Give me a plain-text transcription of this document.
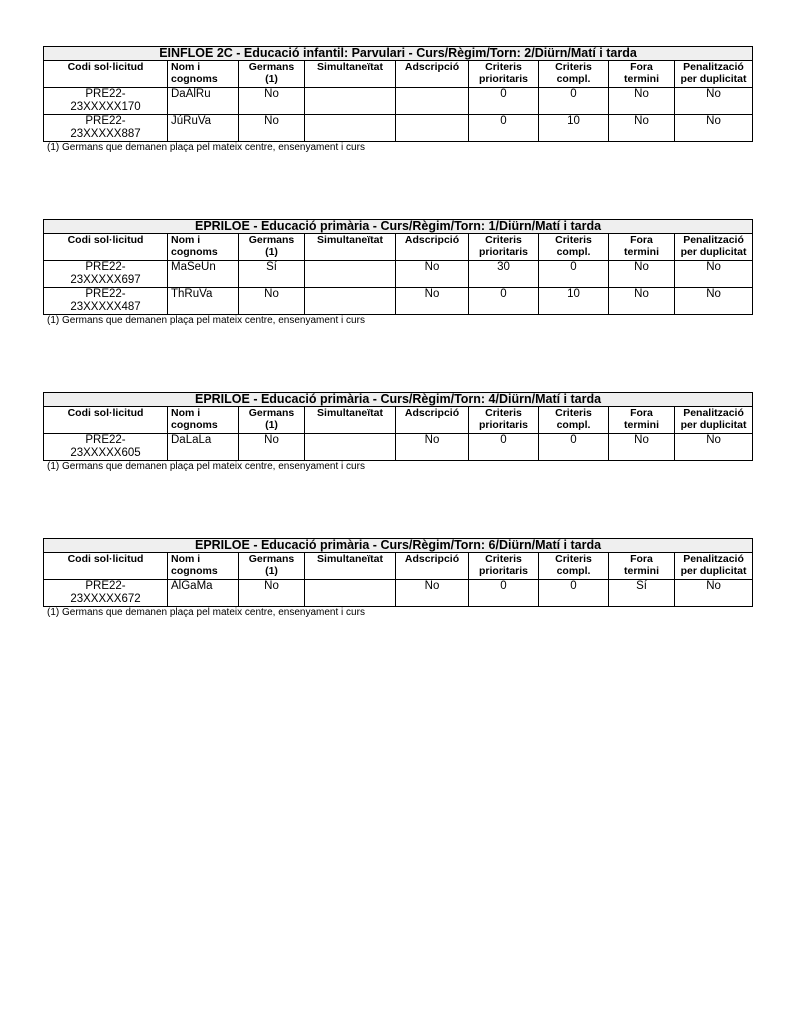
EINFLOE 2C - Educació infantil: Parvulari - Curs/Règim/Torn: 2/Diürn/Matí i tarda								
Codi sol·licitud	Nom i
cognoms	Germans
(1)	Simultaneïtat	Adscripció	Criteris
prioritaris	Criteris
compl.	Fora
termini	Penalització
per duplicitat
PRE22-
23XXXXX170	DaAlRu	No			0	0	No	No
PRE22-
23XXXXX887	JúRuVa	No			0	10	No	No
(1) Germans que demanen plaça pel mateix centre, ensenyament i curs
EPRILOE - Educació primària - Curs/Règim/Torn: 1/Diürn/Matí i tarda								
Codi sol·licitud	Nom i
cognoms	Germans
(1)	Simultaneïtat	Adscripció	Criteris
prioritaris	Criteris
compl.	Fora
termini	Penalització
per duplicitat
PRE22-
23XXXXX697	MaSeUn	Sí		No	30	0	No	No
PRE22-
23XXXXX487	ThRuVa	No		No	0	10	No	No
(1) Germans que demanen plaça pel mateix centre, ensenyament i curs
EPRILOE - Educació primària - Curs/Règim/Torn: 4/Diürn/Matí i tarda								
Codi sol·licitud	Nom i
cognoms	Germans
(1)	Simultaneïtat	Adscripció	Criteris
prioritaris	Criteris
compl.	Fora
termini	Penalització
per duplicitat
PRE22-
23XXXXX605	DaLaLa	No		No	0	0	No	No
(1) Germans que demanen plaça pel mateix centre, ensenyament i curs
EPRILOE - Educació primària - Curs/Règim/Torn: 6/Diürn/Matí i tarda								
Codi sol·licitud	Nom i
cognoms	Germans
(1)	Simultaneïtat	Adscripció	Criteris
prioritaris	Criteris
compl.	Fora
termini	Penalització
per duplicitat
PRE22-
23XXXXX672	AlGaMa	No		No	0	0	Sí	No
(1) Germans que demanen plaça pel mateix centre, ensenyament i curs
